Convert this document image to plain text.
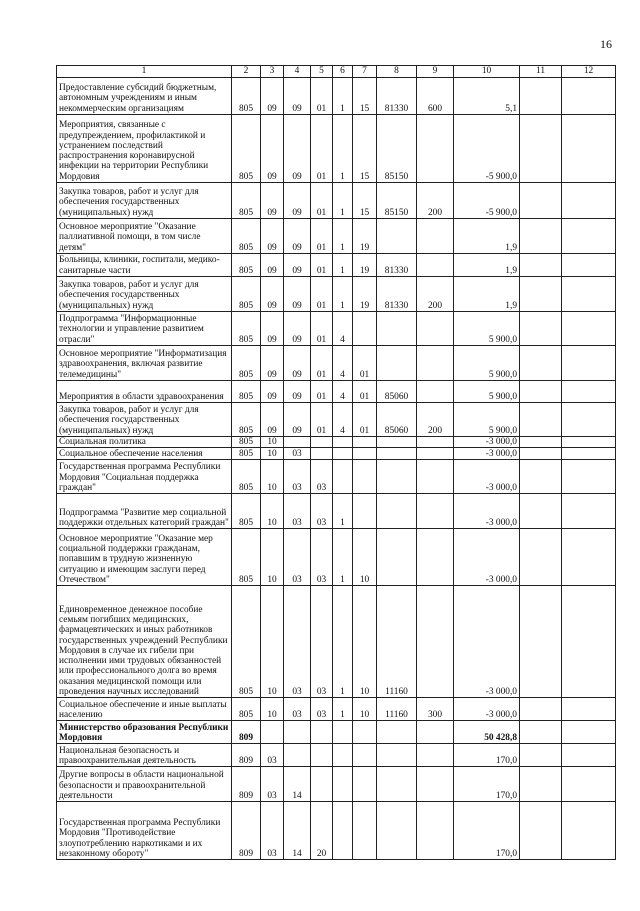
16
1	2	3	4	5	6	7	8	9	10	11	12
Предоставление субсидий бюджетным, автономным учреждениям и иным некоммерческим организациям	805	09	09	01	1	15	81330	600	5,1		
Мероприятия, связанные с предупреждением, профилактикой и устранением последствий распространения коронавирусной инфекции на территории Республики Мордовия	805	09	09	01	1	15	85150		-5 900,0		
Закупка товаров, работ и услуг для обеспечения государственных (муниципальных) нужд	805	09	09	01	1	15	85150	200	-5 900,0		
Основное мероприятие "Оказание паллиативной помощи, в том числе детям"	805	09	09	01	1	19			1,9		
Больницы, клиники, госпитали, медико-санитарные части	805	09	09	01	1	19	81330		1,9		
Закупка товаров, работ и услуг для обеспечения государственных (муниципальных) нужд	805	09	09	01	1	19	81330	200	1,9		
Подпрограмма "Информационные технологии и управление развитием отрасли"	805	09	09	01	4				5 900,0		
Основное мероприятие "Информатизация здравоохранения, включая развитие телемедицины"	805	09	09	01	4	01			5 900,0		
Мероприятия в области здравоохранения	805	09	09	01	4	01	85060		5 900,0		
Закупка товаров, работ и услуг для обеспечения государственных (муниципальных) нужд	805	09	09	01	4	01	85060	200	5 900,0		
Социальная политика	805	10							-3 000,0		
Социальное обеспечение населения	805	10	03						-3 000,0		
Государственная программа Республики Мордовия "Социальная поддержка граждан"	805	10	03	03					-3 000,0		
Подпрограмма "Развитие мер социальной поддержки отдельных категорий граждан"	805	10	03	03	1				-3 000,0		
Основное мероприятие "Оказание мер социальной поддержки гражданам, попавшим в трудную жизненную ситуацию и имеющим заслуги перед Отечеством"	805	10	03	03	1	10			-3 000,0		
Единовременное денежное пособие семьям погибших медицинских, фармацевтических и иных работников государственных учреждений Республики Мордовия в случае их гибели при исполнении ими трудовых обязанностей или профессионального долга во время оказания медицинской помощи или проведения научных исследований	805	10	03	03	1	10	11160		-3 000,0		
Социальное обеспечение и иные выплаты населению	805	10	03	03	1	10	11160	300	-3 000,0		
Министерство образования Республики Мордовия	809								50 428,8		
Национальная безопасность и правоохранительная деятельность	809	03							170,0		
Другие вопросы в области национальной безопасности и правоохранительной деятельности	809	03	14						170,0		
Государственная программа Республики Мордовия "Противодействие злоупотреблению наркотиками и их незаконному обороту"	809	03	14	20					170,0		
